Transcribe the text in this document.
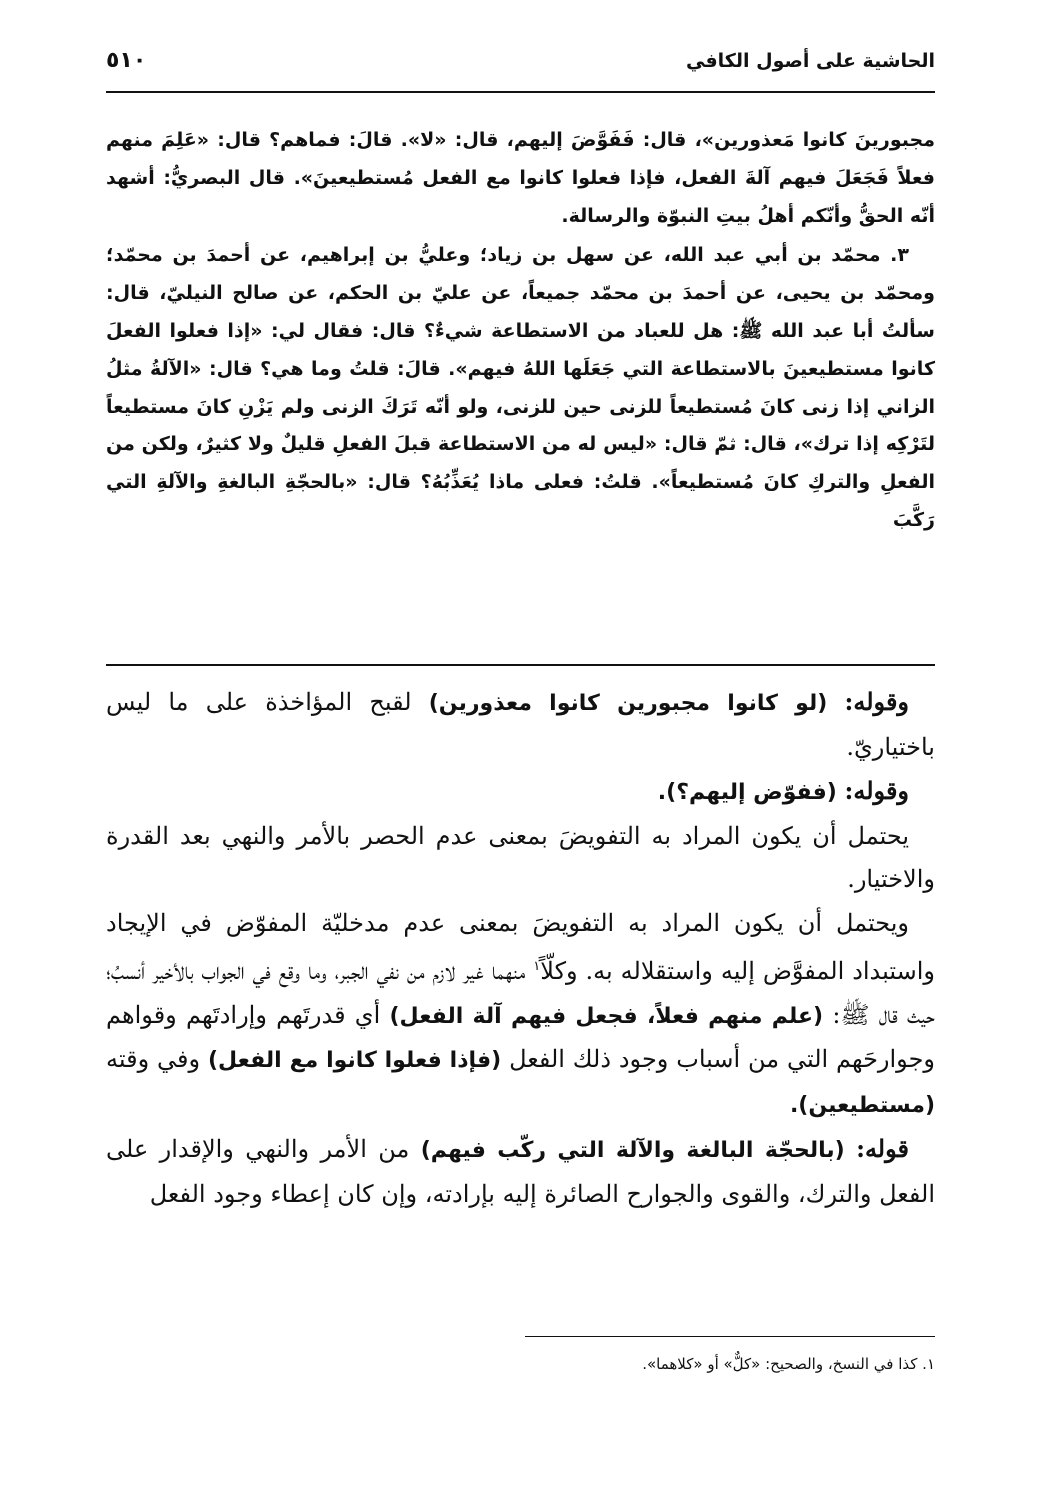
الحاشية على أصول الكافي
٥١٠

مجبورينَ كانوا مَعذورين»، قال: فَفَوَّضَ إليهم، قال: «لا». قالَ: فماهم؟ قال: «عَلِمَ منهم فعلاً فَجَعَلَ فيهم آلةَ الفعل، فإذا فعلوا كانوا مع الفعل مُستطيعينَ». قال البصريُّ: أشهد أنّه الحقُّ وأنّكم أهلُ بيتِ النبوّة والرسالة.

٣. محمّد بن أبي عبد الله، عن سهل بن زياد؛ وعليُّ بن إبراهيم، عن أحمدَ بن محمّد؛ ومحمّد بن يحيى، عن أحمدَ بن محمّد جميعاً، عن عليّ بن الحكم، عن صالح النيليّ، قال: سألتُ أبا عبد الله ﷺ: هل للعباد من الاستطاعة شيءٌ؟ قال: فقال لي: «إذا فعلوا الفعلَ كانوا مستطيعينَ بالاستطاعة التي جَعَلَها اللهُ فيهم». قالَ: قلتُ وما هي؟ قال: «الآلةُ مثلُ الزاني إذا زنى كانَ مُستطيعاً للزنى حين للزنى، ولو أنّه تَرَكَ الزنى ولم يَزْنِ كانَ مستطيعاً لتَرْكِه إذا ترك»، قال: ثمّ قال: «ليس له من الاستطاعة قبلَ الفعلِ قليلٌ ولا كثيرٌ، ولكن من الفعلِ والتركِ كانَ مُستطيعاً». قلتُ: فعلى ماذا يُعَذِّبُهُ؟ قال: «بالحجّةِ البالغةِ والآلةِ التي رَكَّبَ

وقوله: (لو كانوا مجبورين كانوا معذورين) لقبح المؤاخذة على ما ليس باختياريّ.

وقوله: (ففوّض إليهم؟).

يحتمل أن يكون المراد به التفويضَ بمعنى عدم الحصر بالأمر والنهي بعد القدرة والاختيار.

ويحتمل أن يكون المراد به التفويضَ بمعنى عدم مدخليّة المفوّض في الإيجاد واستبداد المفوَّض إليه واستقلاله به. وكلّاً$^١$ منهما غير لازم من نفي الجبر، وما وقع في الجواب بالأخير أنسبُ؛ حيث قال ﷺ: (علم منهم فعلاً، فجعل فيهم آلة الفعل) أي قدرتَهم وإرادتَهم وقواهم وجوارحَهم التي من أسباب وجود ذلك الفعل (فإذا فعلوا كانوا مع الفعل) وفي وقته (مستطيعين).

قوله: (بالحجّة البالغة والآلة التي ركّب فيهم) من الأمر والنهي والإقدار على الفعل والترك، والقوى والجوارح الصائرة إليه بإرادته، وإن كان إعطاء وجود الفعل

١. كذا في النسخ، والصحيح: «كلٌّ» أو «كلاهما».
